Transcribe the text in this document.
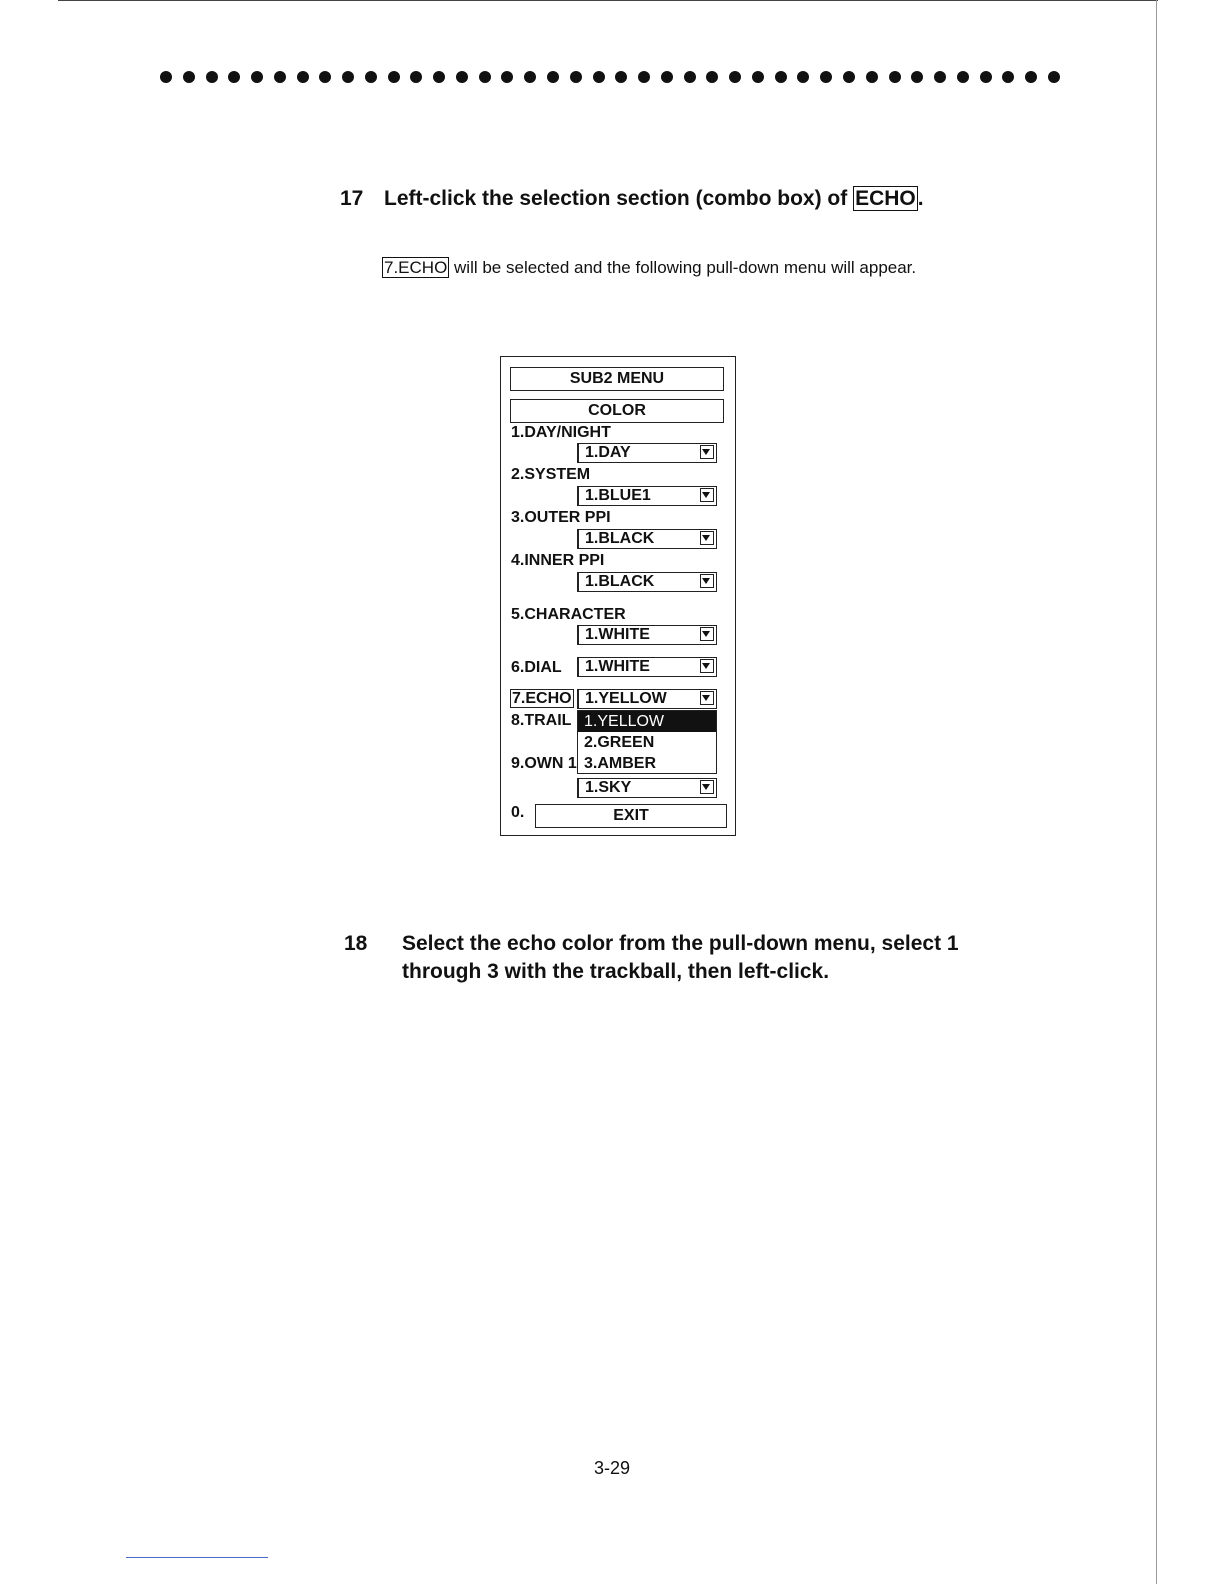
17 Left-click the selection section (combo box) of ECHO.
7.ECHO will be selected and the following pull-down menu will appear.
SUB2 MENU
COLOR
1.DAY/NIGHT
1.DAY
2.SYSTEM
1.BLUE1
3.OUTER PPI
1.BLACK
4.INNER PPI
1.BLACK
5.CHARACTER
1.WHITE
6.DIAL	1.WHITE
7.ECHO 1.YELLOW
8.TRAIL
9.OWN 1
1.YELLOW
2.GREEN
3.AMBER
1.SKY
0.	EXIT
18 Select the echo color from the pull-down menu, select 1 through 3 with the trackball, then left-click.
3-29
